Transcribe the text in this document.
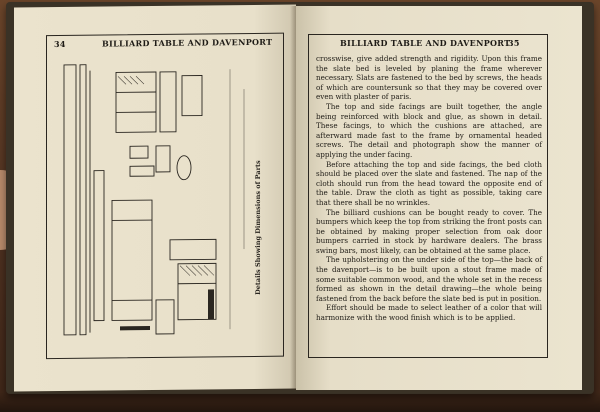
34	BILLIARD TABLE AND DAVENPORT
Details Showing Dimensions of Parts
BILLIARD TABLE AND DAVENPORT
35

crosswise, give added strength and rigidity. Upon this frame the slate bed is leveled by planing the frame wherever necessary. Slats are fastened to the bed by screws, the heads of which are countersunk so that they may be covered over even with plaster of paris.

The top and side facings are built together, the angle being reinforced with block and glue, as shown in detail. These facings, to which the cushions are attached, are afterward made fast to the frame by ornamental headed screws. The detail and photograph show the manner of applying the under facing.

Before attaching the top and side facings, the bed cloth should be placed over the slate and fastened. The nap of the cloth should run from the head toward the opposite end of the table. Draw the cloth as tight as possible, taking care that there shall be no wrinkles.

The billiard cushions can be bought ready to cover. The bumpers which keep the top from striking the front posts can be obtained by making proper selection from oak door bumpers carried in stock by hardware dealers. The brass swing bars, most likely, can be obtained at the same place.

The upholstering on the under side of the top—the back of the davenport—is to be built upon a stout frame made of some suitable common wood, and the whole set in the recess formed as shown in the detail drawing—the whole being fastened from the back before the slate bed is put in position.

Effort should be made to select leather of a color that will harmonize with the wood finish which is to be applied.
